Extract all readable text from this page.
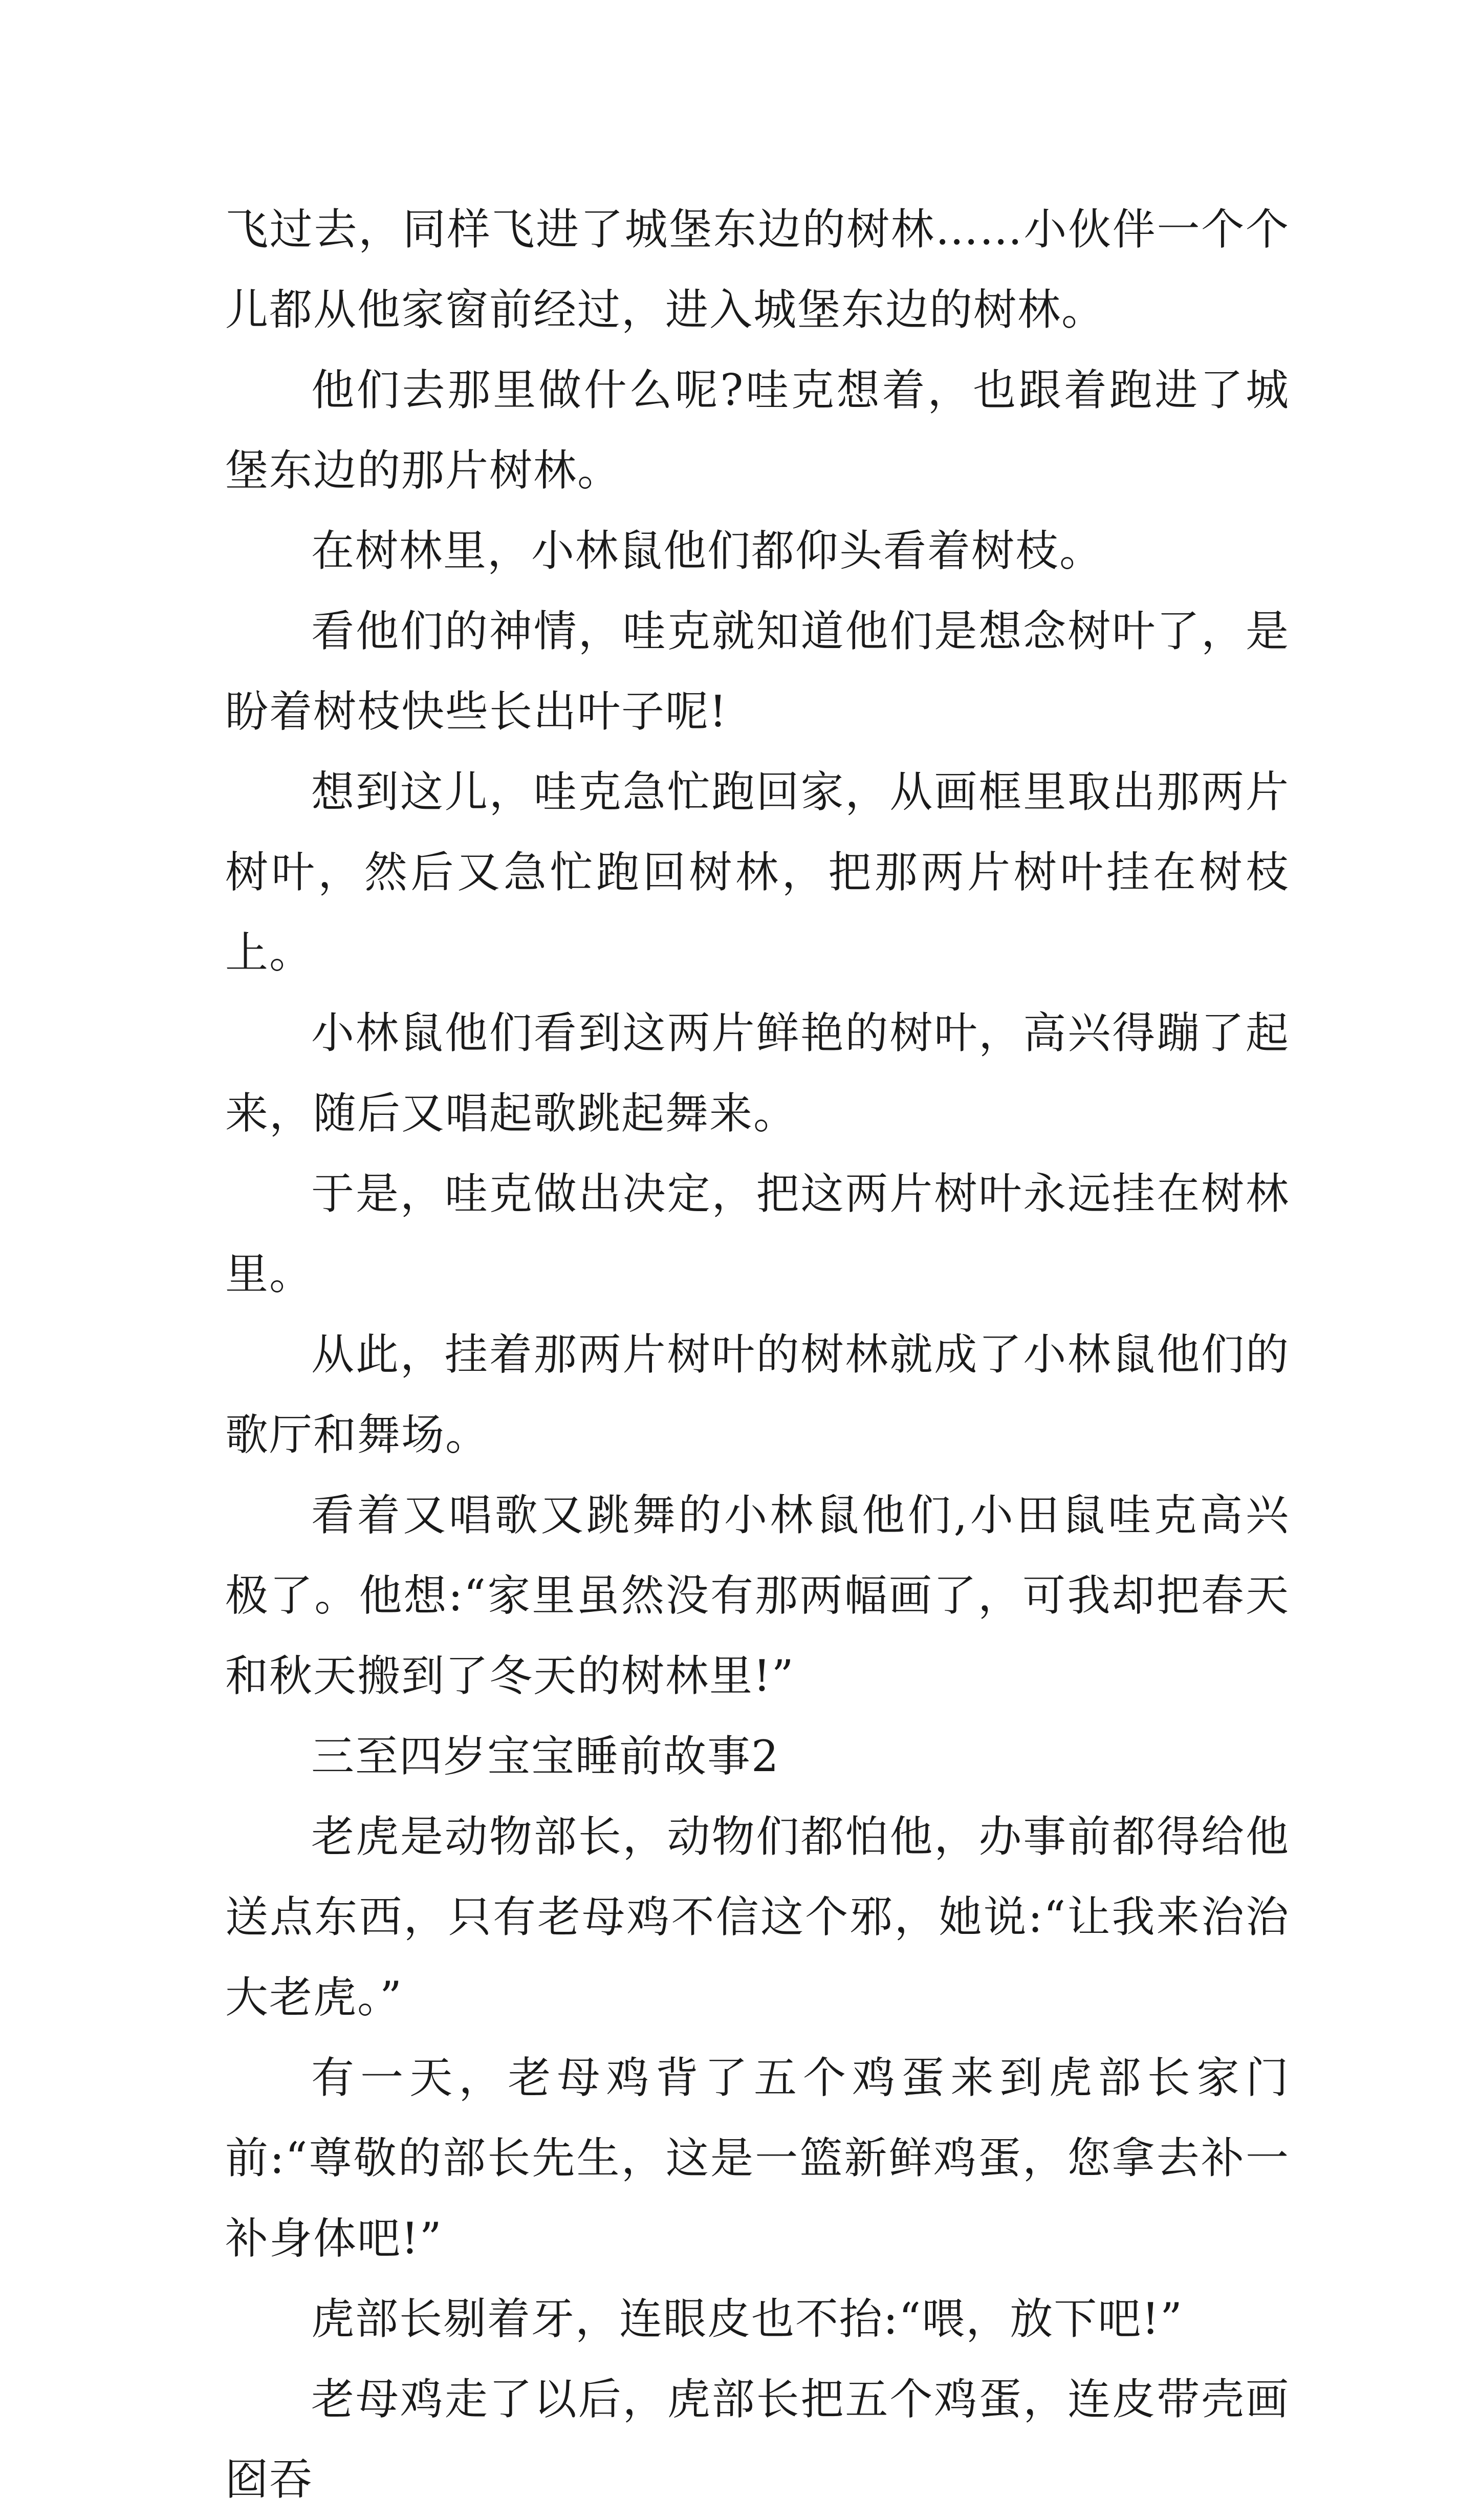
飞过去，同样飞进了城堡东边的树林……小伙伴一个个儿都从他家窗前经过，进入城堡东边的树林。

他们去那里做什么呢?哇克想着，也跟着跑进了城堡东边的那片树林。

在树林里，小林鼠他们都仰头看着树枝。

看他们的神情，哇克就知道他们是想念树叶了，是盼着树枝快些长出叶子呢!

想到这儿，哇克急忙跑回家，从画框里取出那两片树叶，然后又急忙跑回树林，把那两片树叶挂在树枝上。

小林鼠他们看到这两片鲜艳的树叶，高兴得蹦了起来，随后又唱起歌跳起舞来。

于是，哇克做出决定，把这两片树叶永远挂在树林里。

从此，挂着那两片树叶的树林就成了小林鼠他们的歌厅和舞场。

看着又唱歌又跳舞的小林鼠他们,小田鼠哇克高兴极了。他想:“家里虽然没有那两幅画了，可我却把春天和秋天搬到了冬天的树林里!”

三至四岁宝宝睡前故事2

老虎是动物部长，动物们都怕他，办事前都得给他送点东西，只有老母鸡不信这个邪，她说:“让我来治治大老虎。”

有一天，老母鸡背了五个鸡蛋来到虎部长家门前:“尊敬的部长先生，这是一篮新鲜鸡蛋，您拿去补一补身体吧!”

虎部长剔着牙，连眼皮也不抬:“喂，放下吧!”

老母鸡走了以后，虎部长把五个鸡蛋，连皮带壳画囵吞
